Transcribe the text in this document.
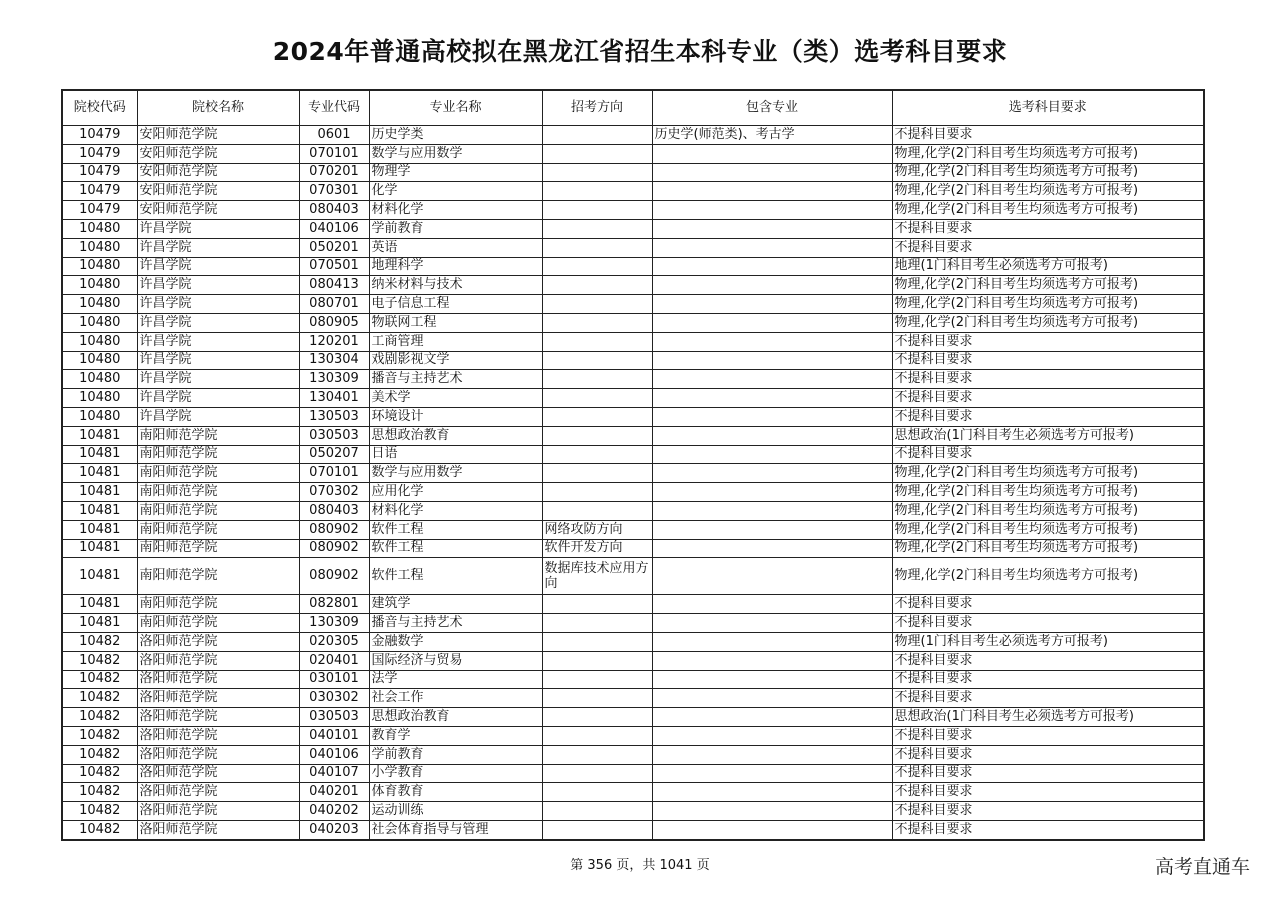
2024年普通高校拟在黑龙江省招生本科专业（类）选考科目要求
院校代码	院校名称	专业代码	专业名称	招考方向	包含专业	选考科目要求
10479	安阳师范学院	0601	历史学类		历史学(师范类)、考古学	不提科目要求
10479	安阳师范学院	070101	数学与应用数学			物理,化学(2门科目考生均须选考方可报考)
10479	安阳师范学院	070201	物理学			物理,化学(2门科目考生均须选考方可报考)
10479	安阳师范学院	070301	化学			物理,化学(2门科目考生均须选考方可报考)
10479	安阳师范学院	080403	材料化学			物理,化学(2门科目考生均须选考方可报考)
10480	许昌学院	040106	学前教育			不提科目要求
10480	许昌学院	050201	英语			不提科目要求
10480	许昌学院	070501	地理科学			地理(1门科目考生必须选考方可报考)
10480	许昌学院	080413	纳米材料与技术			物理,化学(2门科目考生均须选考方可报考)
10480	许昌学院	080701	电子信息工程			物理,化学(2门科目考生均须选考方可报考)
10480	许昌学院	080905	物联网工程			物理,化学(2门科目考生均须选考方可报考)
10480	许昌学院	120201	工商管理			不提科目要求
10480	许昌学院	130304	戏剧影视文学			不提科目要求
10480	许昌学院	130309	播音与主持艺术			不提科目要求
10480	许昌学院	130401	美术学			不提科目要求
10480	许昌学院	130503	环境设计			不提科目要求
10481	南阳师范学院	030503	思想政治教育			思想政治(1门科目考生必须选考方可报考)
10481	南阳师范学院	050207	日语			不提科目要求
10481	南阳师范学院	070101	数学与应用数学			物理,化学(2门科目考生均须选考方可报考)
10481	南阳师范学院	070302	应用化学			物理,化学(2门科目考生均须选考方可报考)
10481	南阳师范学院	080403	材料化学			物理,化学(2门科目考生均须选考方可报考)
10481	南阳师范学院	080902	软件工程	网络攻防方向		物理,化学(2门科目考生均须选考方可报考)
10481	南阳师范学院	080902	软件工程	软件开发方向		物理,化学(2门科目考生均须选考方可报考)
10481	南阳师范学院	080902	软件工程	数据库技术应用方向		物理,化学(2门科目考生均须选考方可报考)
10481	南阳师范学院	082801	建筑学			不提科目要求
10481	南阳师范学院	130309	播音与主持艺术			不提科目要求
10482	洛阳师范学院	020305	金融数学			物理(1门科目考生必须选考方可报考)
10482	洛阳师范学院	020401	国际经济与贸易			不提科目要求
10482	洛阳师范学院	030101	法学			不提科目要求
10482	洛阳师范学院	030302	社会工作			不提科目要求
10482	洛阳师范学院	030503	思想政治教育			思想政治(1门科目考生必须选考方可报考)
10482	洛阳师范学院	040101	教育学			不提科目要求
10482	洛阳师范学院	040106	学前教育			不提科目要求
10482	洛阳师范学院	040107	小学教育			不提科目要求
10482	洛阳师范学院	040201	体育教育			不提科目要求
10482	洛阳师范学院	040202	运动训练			不提科目要求
10482	洛阳师范学院	040203	社会体育指导与管理			不提科目要求
第 356 页，共 1041 页	高考直通车
